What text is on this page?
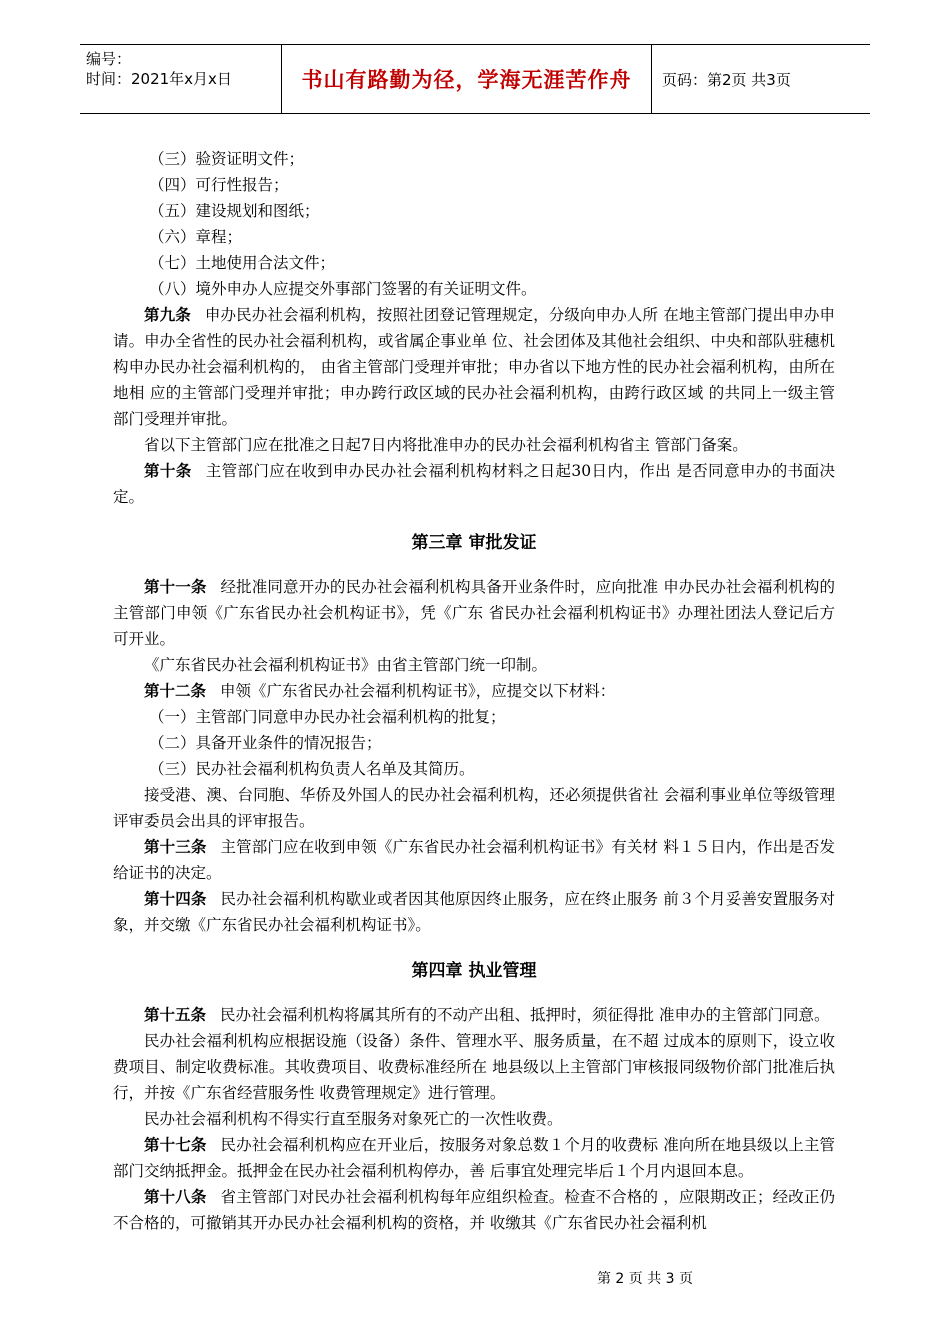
编号：
时间：2021年x月x日	书山有路勤为径，学海无涯苦作舟	页码：第2页 共3页

（三）验资证明文件；

（四）可行性报告；

（五）建设规划和图纸；

（六）章程；

（七）土地使用合法文件；

（八）境外申办人应提交外事部门签署的有关证明文件。

第九条 申办民办社会福利机构，按照社团登记管理规定，分级向申办人所 在地主管部门提出申办申请。申办全省性的民办社会福利机构，或省属企事业单 位、社会团体及其他社会组织、中央和部队驻穗机构申办民办社会福利机构的， 由省主管部门受理并审批；申办省以下地方性的民办社会福利机构，由所在地相 应的主管部门受理并审批；申办跨行政区域的民办社会福利机构，由跨行政区域 的共同上一级主管部门受理并审批。

省以下主管部门应在批准之日起7日内将批准申办的民办社会福利机构省主 管部门备案。

第十条 主管部门应在收到申办民办社会福利机构材料之日起30日内，作出 是否同意申办的书面决定。

第三章 审批发证

第十一条 经批准同意开办的民办社会福利机构具备开业条件时，应向批准 申办民办社会福利机构的主管部门申领《广东省民办社会机构证书》，凭《广东 省民办社会福利机构证书》办理社团法人登记后方可开业。

《广东省民办社会福利机构证书》由省主管部门统一印制。

第十二条 申领《广东省民办社会福利机构证书》，应提交以下材料：

（一）主管部门同意申办民办社会福利机构的批复；

（二）具备开业条件的情况报告；

（三）民办社会福利机构负责人名单及其简历。

接受港、澳、台同胞、华侨及外国人的民办社会福利机构，还必须提供省社 会福利事业单位等级管理评审委员会出具的评审报告。

第十三条 主管部门应在收到申领《广东省民办社会福利机构证书》有关材 料１５日内，作出是否发给证书的决定。

第十四条 民办社会福利机构歇业或者因其他原因终止服务，应在终止服务 前３个月妥善安置服务对象，并交缴《广东省民办社会福利机构证书》。

第四章 执业管理

第十五条 民办社会福利机构将属其所有的不动产出租、抵押时，须征得批 准申办的主管部门同意。

民办社会福利机构应根据设施（设备）条件、管理水平、服务质量，在不超 过成本的原则下，设立收费项目、制定收费标准。其收费项目、收费标准经所在 地县级以上主管部门审核报同级物价部门批准后执行，并按《广东省经营服务性 收费管理规定》进行管理。

民办社会福利机构不得实行直至服务对象死亡的一次性收费。

第十七条 民办社会福利机构应在开业后，按服务对象总数１个月的收费标 准向所在地县级以上主管部门交纳抵押金。抵押金在民办社会福利机构停办，善 后事宜处理完毕后１个月内退回本息。

第十八条 省主管部门对民办社会福利机构每年应组织检查。检查不合格的 ，应限期改正；经改正仍不合格的，可撤销其开办民办社会福利机构的资格，并 收缴其《广东省民办社会福利机

第 2 页 共 3 页
